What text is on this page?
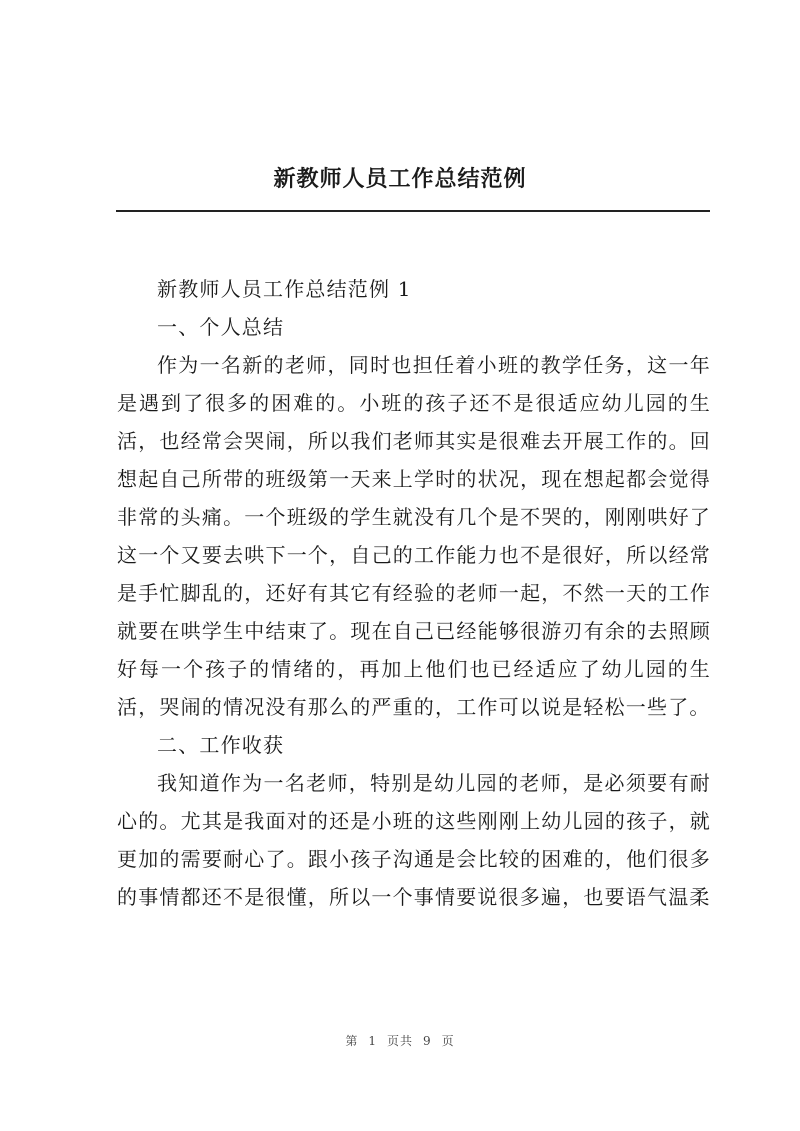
新教师人员工作总结范例

新教师人员工作总结范例 1

一、个人总结

作为一名新的老师，同时也担任着小班的教学任务，这一年是遇到了很多的困难的。小班的孩子还不是很适应幼儿园的生活，也经常会哭闹，所以我们老师其实是很难去开展工作的。回想起自己所带的班级第一天来上学时的状况，现在想起都会觉得非常的头痛。一个班级的学生就没有几个是不哭的，刚刚哄好了这一个又要去哄下一个，自己的工作能力也不是很好，所以经常是手忙脚乱的，还好有其它有经验的老师一起，不然一天的工作就要在哄学生中结束了。现在自己已经能够很游刃有余的去照顾好每一个孩子的情绪的，再加上他们也已经适应了幼儿园的生活，哭闹的情况没有那么的严重的，工作可以说是轻松一些了。

二、工作收获

我知道作为一名老师，特别是幼儿园的老师，是必须要有耐心的。尤其是我面对的还是小班的这些刚刚上幼儿园的孩子，就更加的需要耐心了。跟小孩子沟通是会比较的困难的，他们很多的事情都还不是很懂，所以一个事情要说很多遍，也要语气温柔

第 1 页共 9 页
